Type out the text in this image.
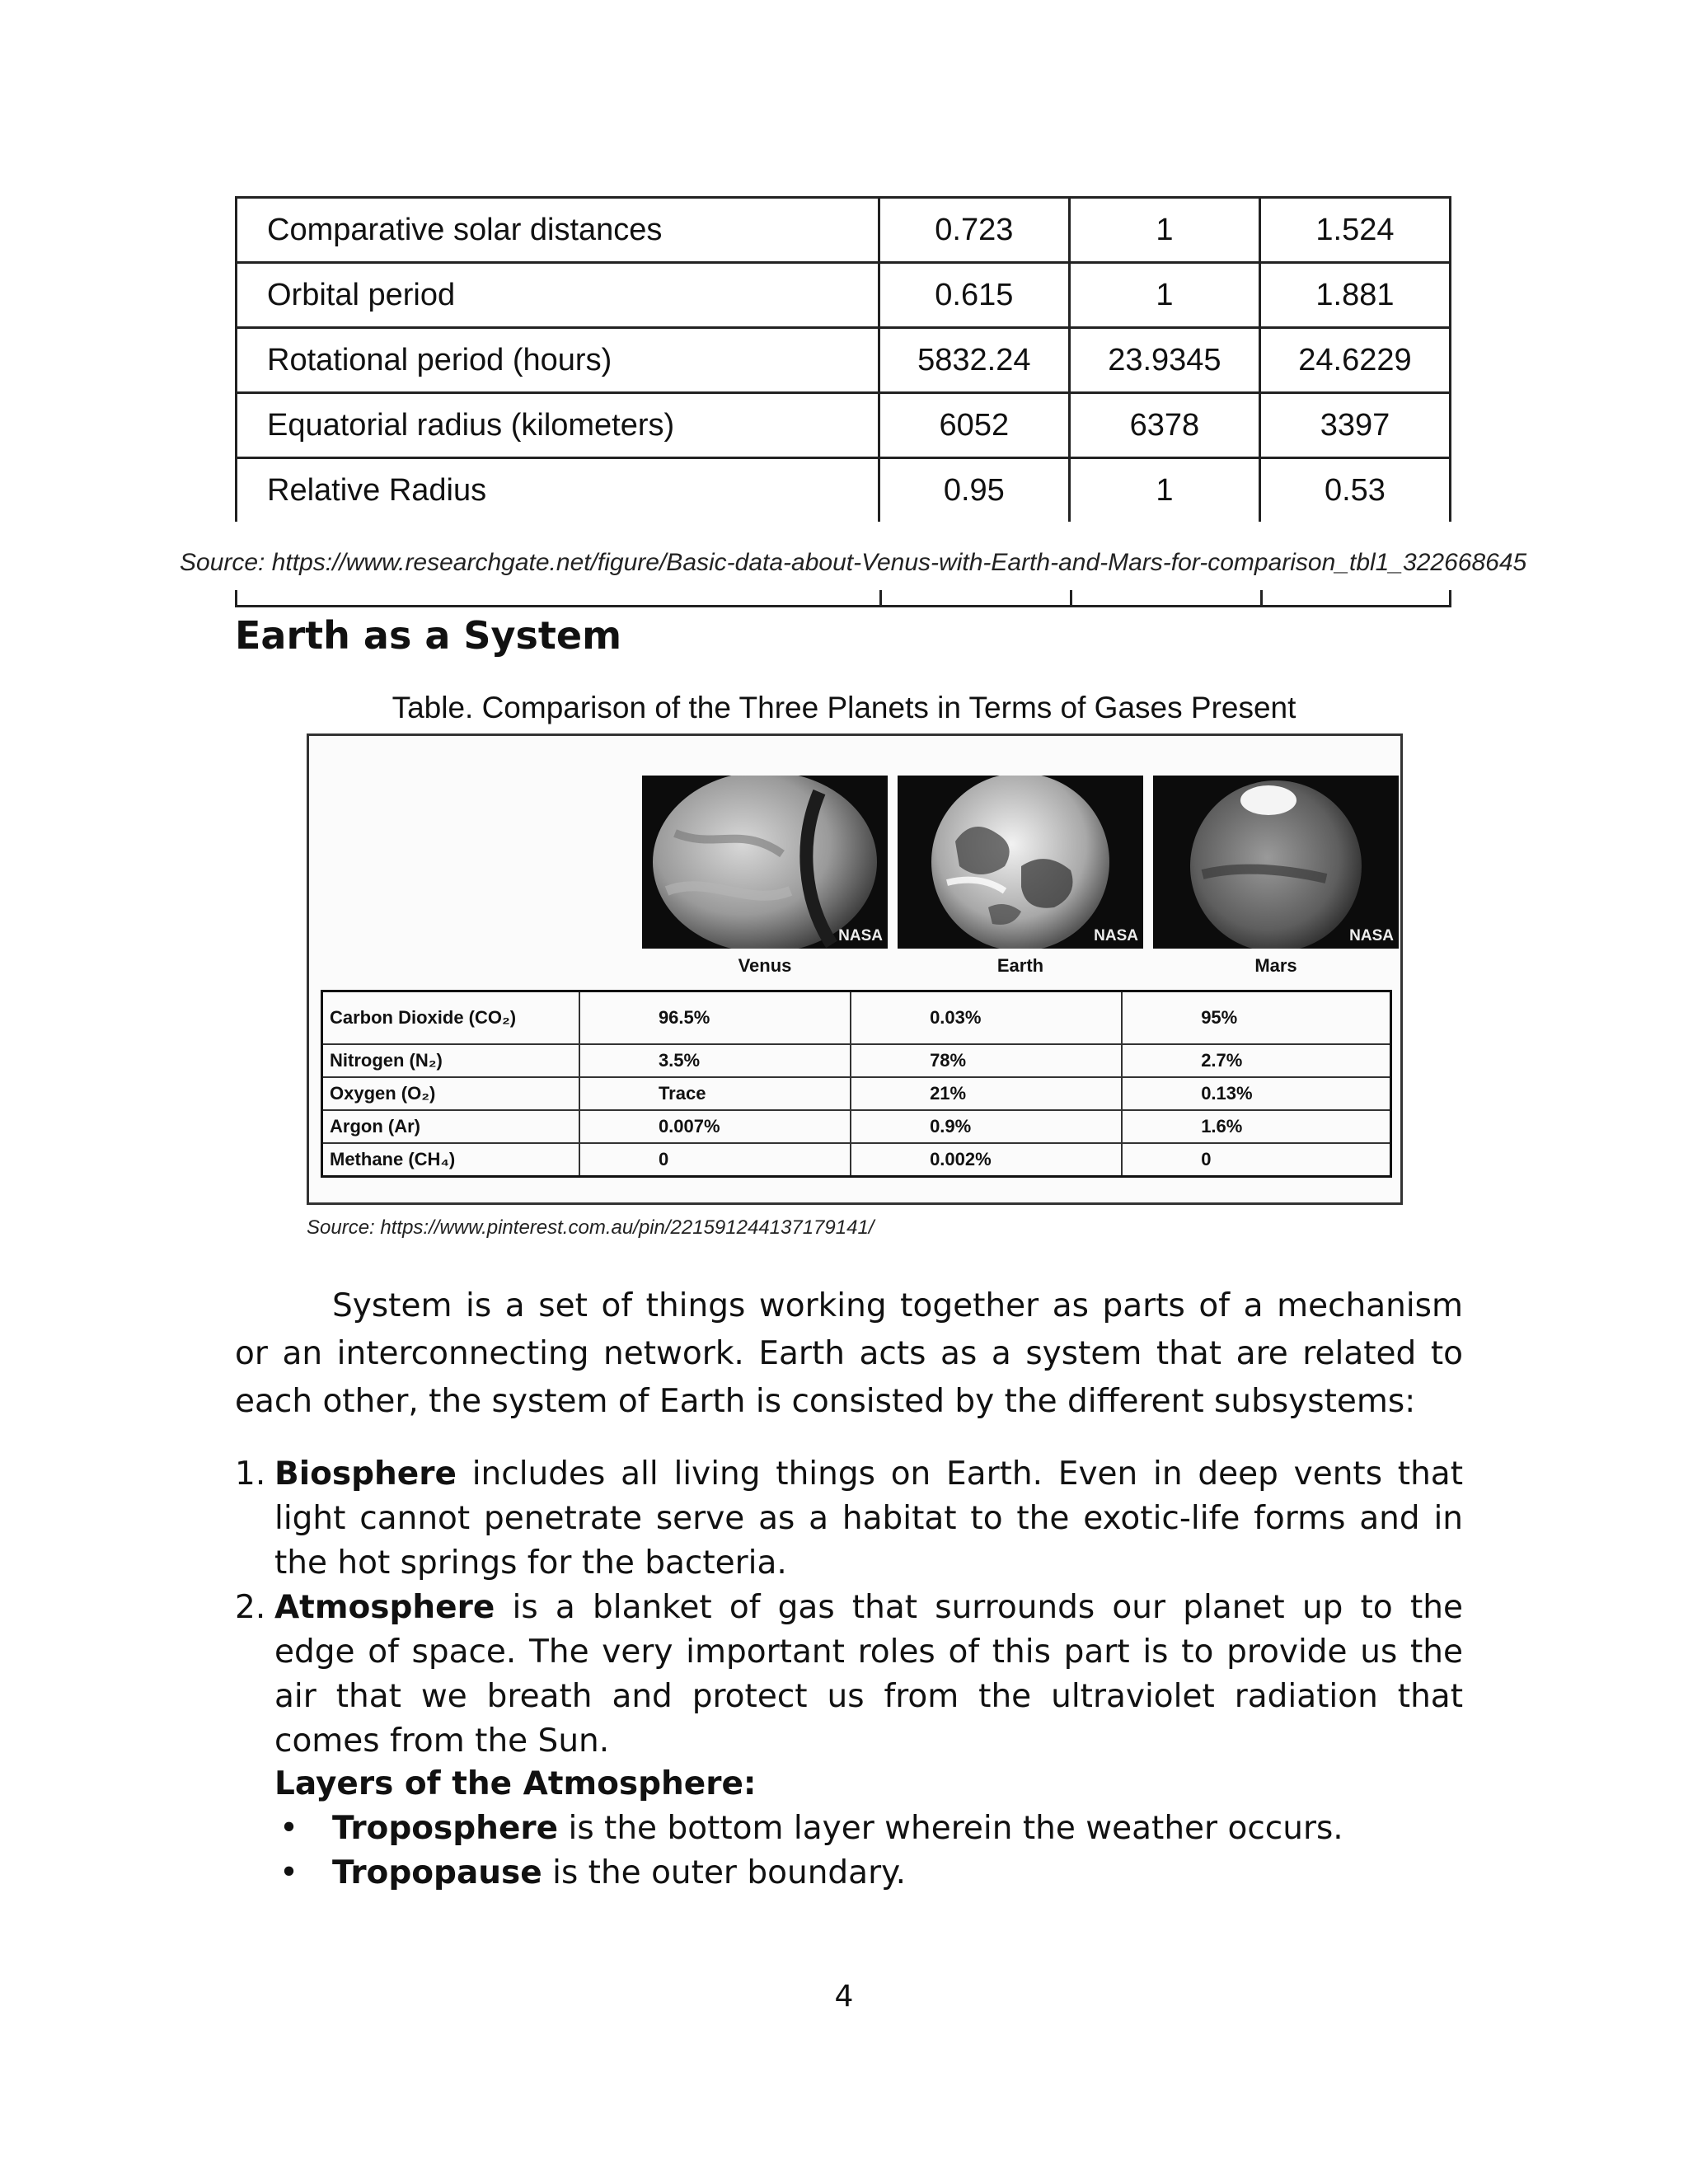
Comparative solar distances	0.723	1	1.524
Orbital period	0.615	1	1.881
Rotational period (hours)	5832.24	23.9345	24.6229
Equatorial radius (kilometers)	6052	6378	3397
Relative Radius	0.95	1	0.53
Source: https://www.researchgate.net/figure/Basic-data-about-Venus-with-Earth-and-Mars-for-comparison_tbl1_322668645
Earth as a System
Table. Comparison of the Three Planets in Terms of Gases Present
NASA	NASA	NASA
Venus	Earth	Mars
Carbon Dioxide (CO₂)	96.5%	0.03%	95%
Nitrogen (N₂)	3.5%	78%	2.7%
Oxygen (O₂)	Trace	21%	0.13%
Argon (Ar)	0.007%	0.9%	1.6%
Methane (CH₄)	0	0.002%	0
Source: https://www.pinterest.com.au/pin/221591244137179141/
System is a set of things working together as parts of a mechanism or an interconnecting network. Earth acts as a system that are related to each other, the system of Earth is consisted by the different subsystems:
1. Biosphere includes all living things on Earth. Even in deep vents that light cannot penetrate serve as a habitat to the exotic-life forms and in the hot springs for the bacteria.
2. Atmosphere is a blanket of gas that surrounds our planet up to the edge of space. The very important roles of this part is to provide us the air that we breath and protect us from the ultraviolet radiation that comes from the Sun.
Layers of the Atmosphere:
• Troposphere is the bottom layer wherein the weather occurs.
• Tropopause is the outer boundary.
4
